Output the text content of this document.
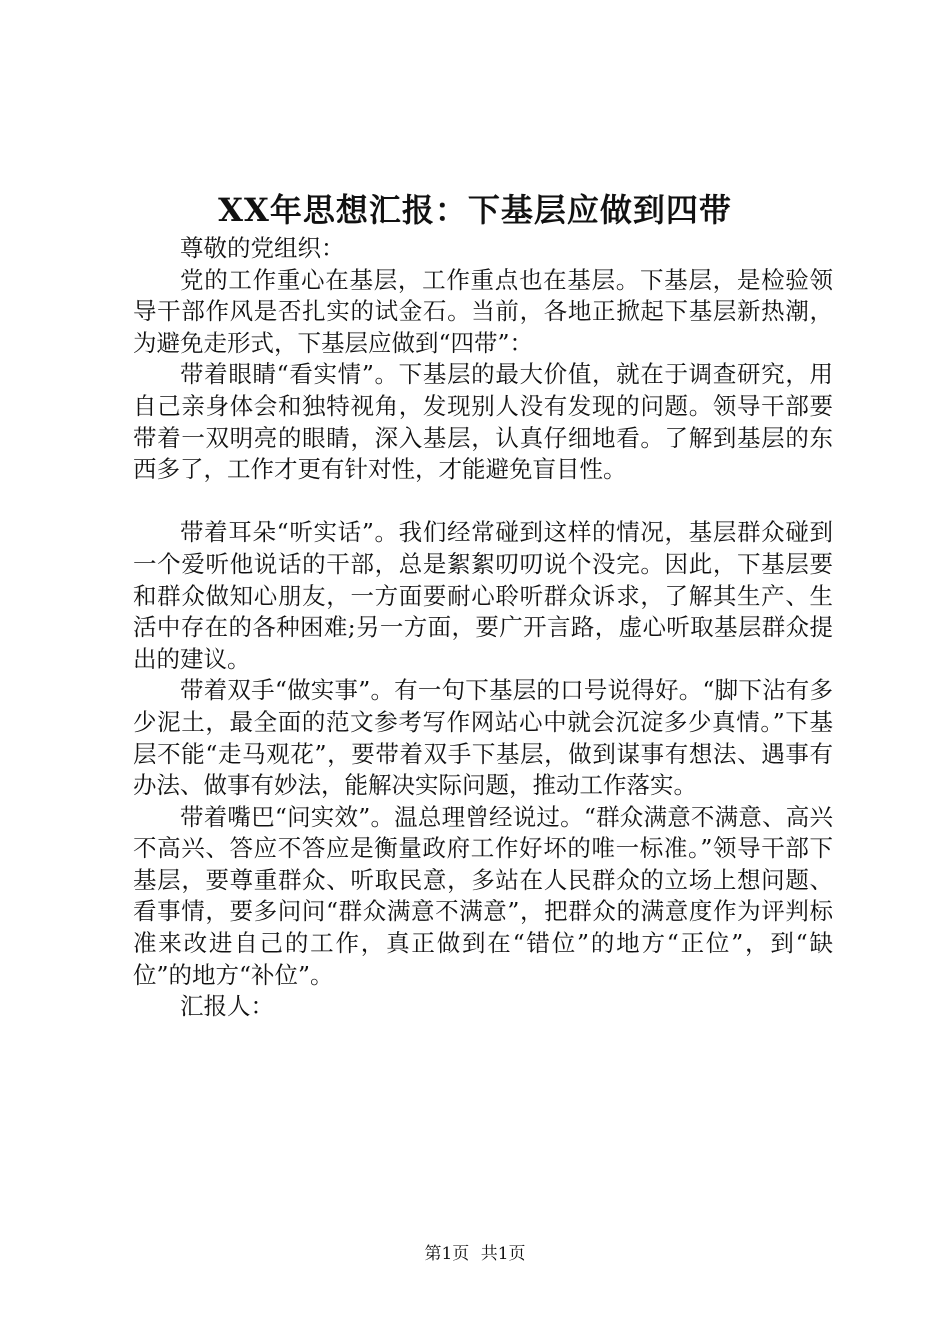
XX年思想汇报：下基层应做到四带

尊敬的党组织：

党的工作重心在基层，工作重点也在基层。下基层，是检验领导干部作风是否扎实的试金石。当前，各地正掀起下基层新热潮，为避免走形式，下基层应做到“四带”：

带着眼睛“看实情”。下基层的最大价值，就在于调查研究，用自己亲身体会和独特视角，发现别人没有发现的问题。领导干部要带着一双明亮的眼睛，深入基层，认真仔细地看。了解到基层的东西多了，工作才更有针对性，才能避免盲目性。

带着耳朵“听实话”。我们经常碰到这样的情况，基层群众碰到一个爱听他说话的干部，总是絮絮叨叨说个没完。因此，下基层要和群众做知心朋友，一方面要耐心聆听群众诉求，了解其生产、生活中存在的各种困难;另一方面，要广开言路，虚心听取基层群众提出的建议。

带着双手“做实事”。有一句下基层的口号说得好。“脚下沾有多少泥土，最全面的范文参考写作网站心中就会沉淀多少真情。”下基层不能“走马观花”，要带着双手下基层，做到谋事有想法、遇事有办法、做事有妙法，能解决实际问题，推动工作落实。

带着嘴巴“问实效”。温总理曾经说过。“群众满意不满意、高兴不高兴、答应不答应是衡量政府工作好坏的唯一标准。”领导干部下基层，要尊重群众、听取民意，多站在人民群众的立场上想问题、看事情，要多问问“群众满意不满意”，把群众的满意度作为评判标准来改进自己的工作，真正做到在“错位”的地方“正位”，到“缺位”的地方“补位”。

汇报人：

第1页 共1页
